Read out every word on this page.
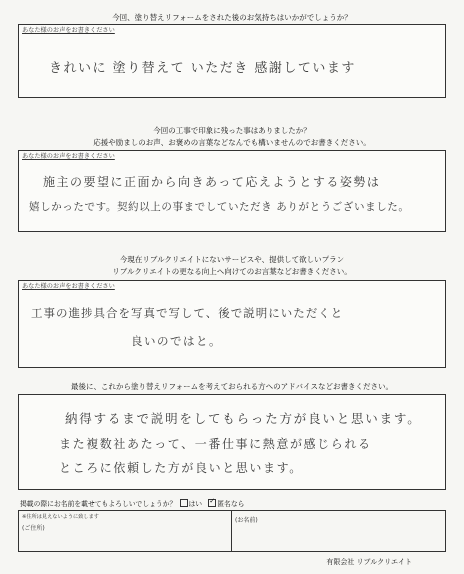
今回、塗り替えリフォームをされた後のお気持ちはいかがでしょうか？
あなた様のお声をお書きください
きれいに 塗り替えて いただき 感謝しています
今回の工事で印象に残った事はありましたか？
応援や励ましのお声、お褒めの言葉などなんでも構いませんのでお書きください。
あなた様のお声をお書きください
施主の要望に正面から向きあって応えようとする姿勢は
嬉しかったです。契約以上の事までしていただき ありがとうございました。
今現在リブルクリエイトにないサービスや、提供して欲しいプラン
リブルクリエイトの更なる向上へ向けてのお言葉などお書きください。
あなた様のお声をお書きください
工事の進捗具合を写真で写して、後で説明にいただくと
良いのではと。
最後に、これから塗り替えリフォームを考えておられる方へのアドバイスなどお書きください。
納得するまで説明をしてもらった方が良いと思います。
また複数社あたって、一番仕事に熱意が感じられる
ところに依頼した方が良いと思います。
掲載の際にお名前を載せてもよろしいでしょうか？ はい ✓ 匿名なら
※住所は見えないように致します
(ご住所)
(お名前)
有限会社 リブルクリエイト
